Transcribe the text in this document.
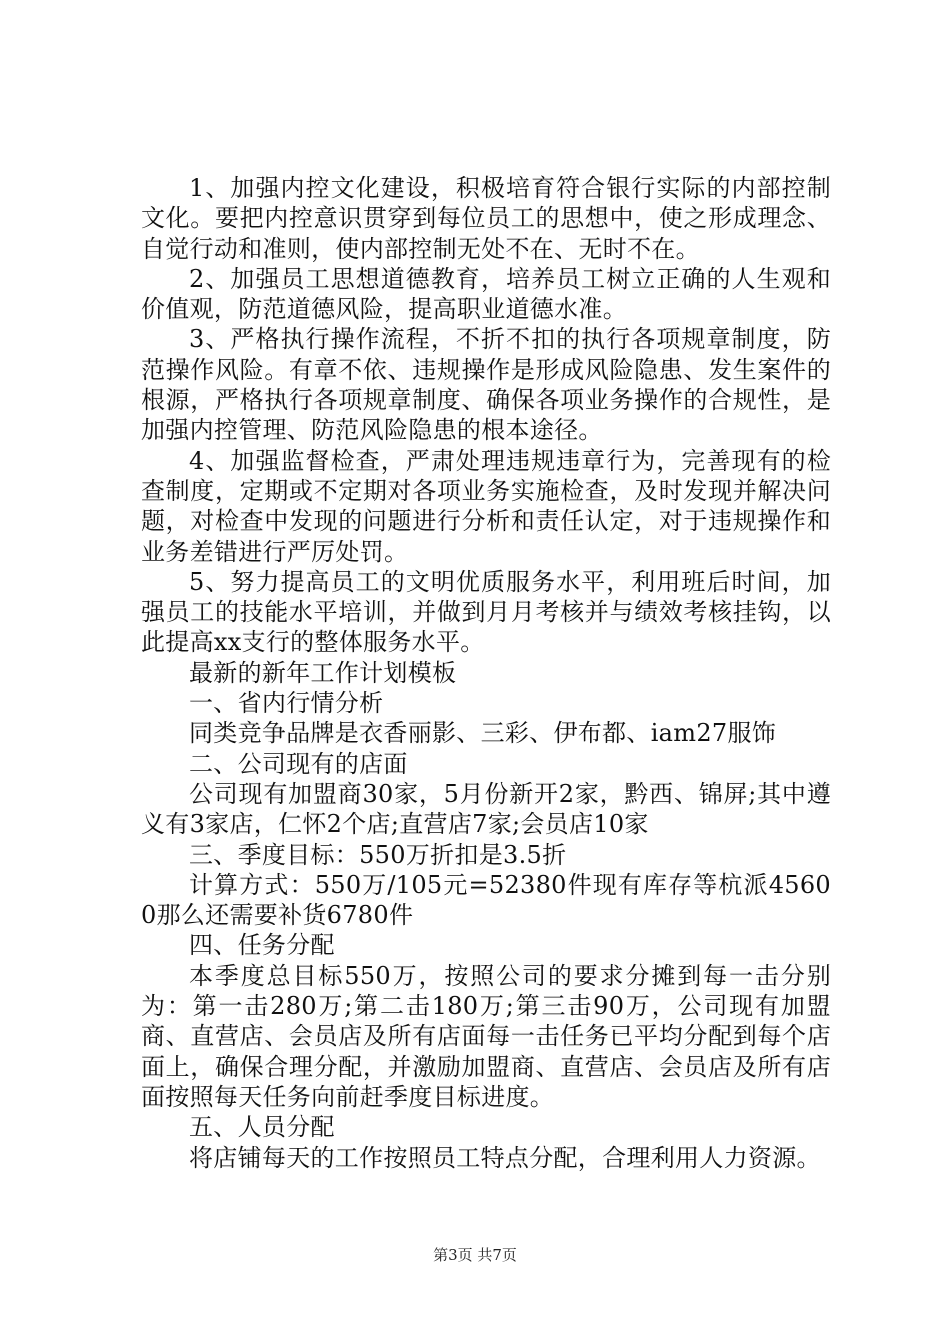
1、加强内控文化建设，积极培育符合银行实际的内部控制文化。要把内控意识贯穿到每位员工的思想中，使之形成理念、自觉行动和准则，使内部控制无处不在、无时不在。

2、加强员工思想道德教育，培养员工树立正确的人生观和价值观，防范道德风险，提高职业道德水准。

3、严格执行操作流程，不折不扣的执行各项规章制度，防范操作风险。有章不依、违规操作是形成风险隐患、发生案件的根源，严格执行各项规章制度、确保各项业务操作的合规性，是加强内控管理、防范风险隐患的根本途径。

4、加强监督检查，严肃处理违规违章行为，完善现有的检查制度，定期或不定期对各项业务实施检查，及时发现并解决问题，对检查中发现的问题进行分析和责任认定，对于违规操作和业务差错进行严厉处罚。

5、努力提高员工的文明优质服务水平，利用班后时间，加强员工的技能水平培训，并做到月月考核并与绩效考核挂钩，以此提高xx支行的整体服务水平。

最新的新年工作计划模板

一、省内行情分析

同类竞争品牌是衣香丽影、三彩、伊布都、iam27服饰

二、公司现有的店面

公司现有加盟商30家，5月份新开2家，黔西、锦屏;其中遵义有3家店，仁怀2个店;直营店7家;会员店10家

三、季度目标：550万折扣是3.5折

计算方式：550万/105元=52380件现有库存等杭派45600那么还需要补货6780件

四、任务分配

本季度总目标550万，按照公司的要求分摊到每一击分别为：第一击280万;第二击180万;第三击90万，公司现有加盟商、直营店、会员店及所有店面每一击任务已平均分配到每个店面上，确保合理分配，并激励加盟商、直营店、会员店及所有店面按照每天任务向前赶季度目标进度。

五、人员分配

将店铺每天的工作按照员工特点分配，合理利用人力资源。

第3页 共7页
